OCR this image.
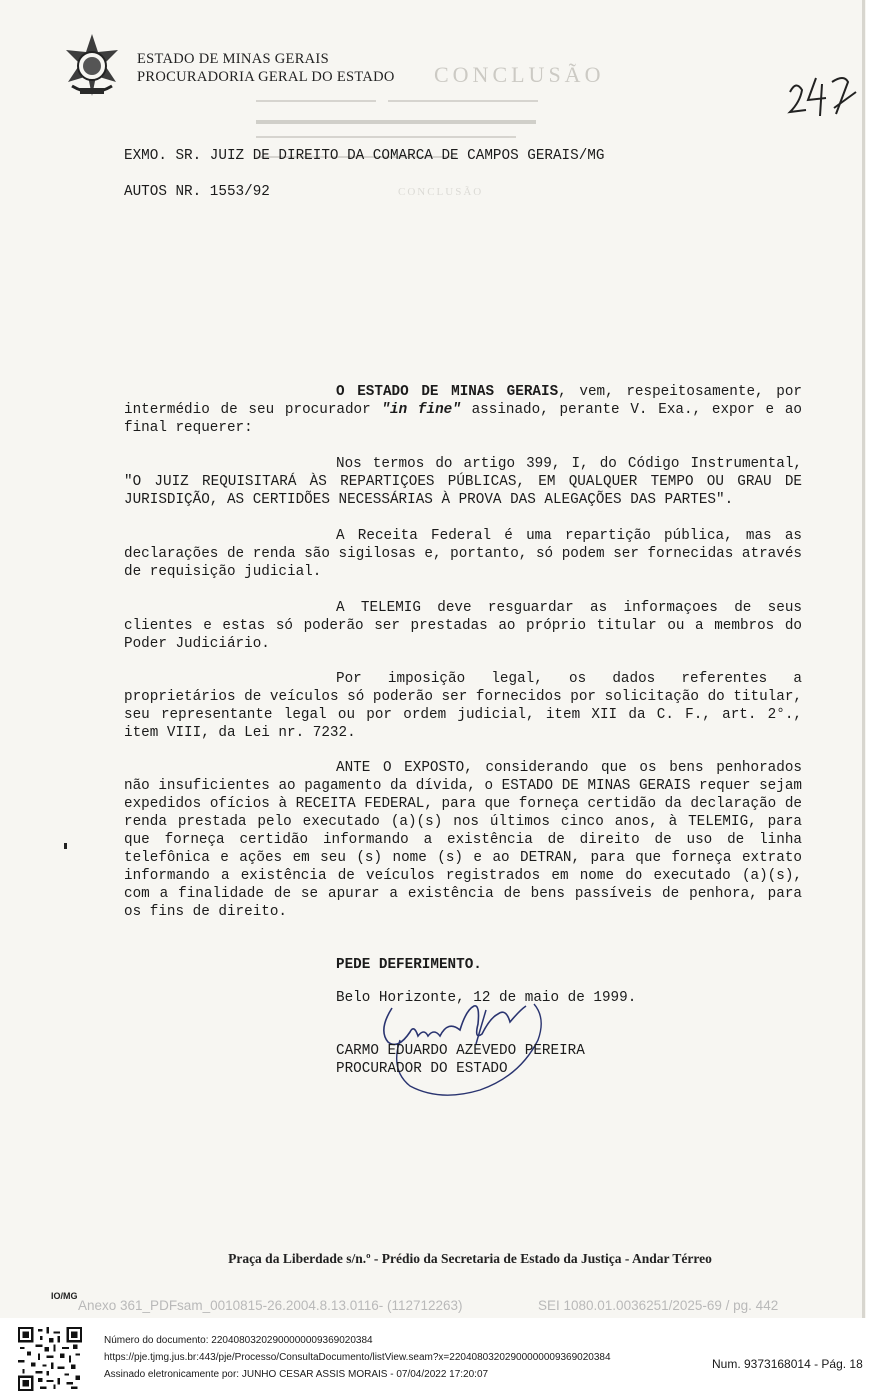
CONCLUSÃO
CONCLUSÃO
ESTADO DE MINAS GERAIS
PROCURADORIA GERAL DO ESTADO
EXMO. SR. JUIZ DE DIREITO DA COMARCA DE CAMPOS GERAIS/MG
AUTOS NR. 1553/92
O ESTADO DE MINAS GERAIS, vem, respeitosamente, por intermédio de seu procurador "in fine" assinado, perante V. Exa., expor e ao final requerer:
Nos termos do artigo 399, I, do Código Instrumental, "O JUIZ REQUISITARÁ ÀS REPARTIÇOES PÚBLICAS, EM QUALQUER TEMPO OU GRAU DE JURISDIÇÃO, AS CERTIDÕES NECESSÁRIAS À PROVA DAS ALEGAÇÕES DAS PARTES".
A Receita Federal é uma repartição pública, mas as declarações de renda são sigilosas e, portanto, só podem ser fornecidas através de requisição judicial.
A TELEMIG deve resguardar as informaçoes de seus clientes e estas só poderão ser prestadas ao próprio titular ou a membros do Poder Judiciário.
Por imposição legal, os dados referentes a proprietários de veículos só poderão ser fornecidos por solicitação do titular, seu representante legal ou por ordem judicial, item XII da C. F., art. 2°., item VIII, da Lei nr. 7232.
ANTE O EXPOSTO, considerando que os bens penhorados não insuficientes ao pagamento da dívida, o ESTADO DE MINAS GERAIS requer sejam expedidos ofícios à RECEITA FEDERAL, para que forneça certidão da declaração de renda prestada pelo executado (a)(s) nos últimos cinco anos, à TELEMIG, para que forneça certidão informando a existência de direito de uso de linha telefônica e ações em seu (s) nome (s) e ao DETRAN, para que forneça extrato informando a existência de veículos registrados em nome do executado (a)(s), com a finalidade de se apurar a existência de bens passíveis de penhora, para os fins de direito.
PEDE DEFERIMENTO.
Belo Horizonte, 12 de maio de 1999.
CARMO EDUARDO AZEVEDO PEREIRA
PROCURADOR DO ESTADO
Praça da Liberdade s/n.º - Prédio da Secretaria de Estado da Justiça - Andar Térreo
IO/MG
Anexo 361_PDFsam_0010815-26.2004.8.13.0116- (112712263)	SEI 1080.01.0036251/2025-69 / pg. 442
Número do documento: 22040803202900000009369020384
https://pje.tjmg.jus.br:443/pje/Processo/ConsultaDocumento/listView.seam?x=22040803202900000009369020384
Assinado eletronicamente por: JUNHO CESAR ASSIS MORAIS - 07/04/2022 17:20:07
Num. 9373168014 - Pág. 18
